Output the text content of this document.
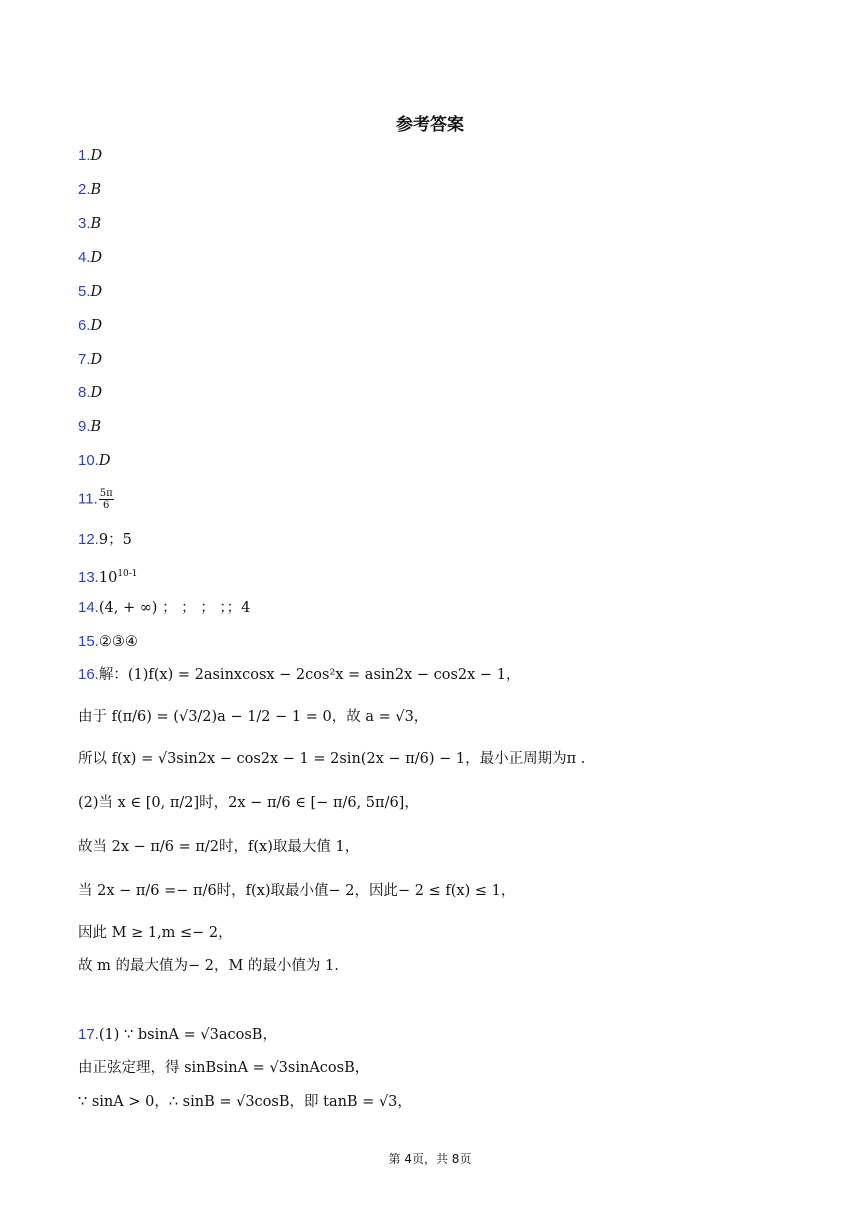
参考答案
1.D
2.B
3.B
4.D
5.D
6.D
7.D
8.D
9.B
10.D
11. $\frac{5\pi}{6}$
12.9；5
13.10$^{10-1}$
14.(4, + ∞) ； ； ； ；；4
15.②③④
16.解：(1)f(x) = 2asinxcosx − 2cos²x = asin2x − cos2x − 1，
由于 f(π/6) = (√3/2)a − 1/2 − 1 = 0，故 a = √3，
所以 f(x) = √3sin2x − cos2x − 1 = 2sin(2x − π/6) − 1，最小正周期为π .
(2)当 x ∈ [0, π/2]时，2x − π/6 ∈ [− π/6, 5π/6]，
故当 2x − π/6 = π/2时，f(x)取最大值 1，
当 2x − π/6 =− π/6时，f(x)取最小值− 2，因此− 2 ≤ f(x) ≤ 1，
因此 M ≥ 1,m ≤− 2，
故 m 的最大值为− 2，M 的最小值为 1.
17.(1) ∵ bsinA = √3acosB，
由正弦定理，得 sinBsinA = √3sinAcosB，
∵ sinA > 0，∴ sinB = √3cosB，即 tanB = √3，
第 4页，共 8页
